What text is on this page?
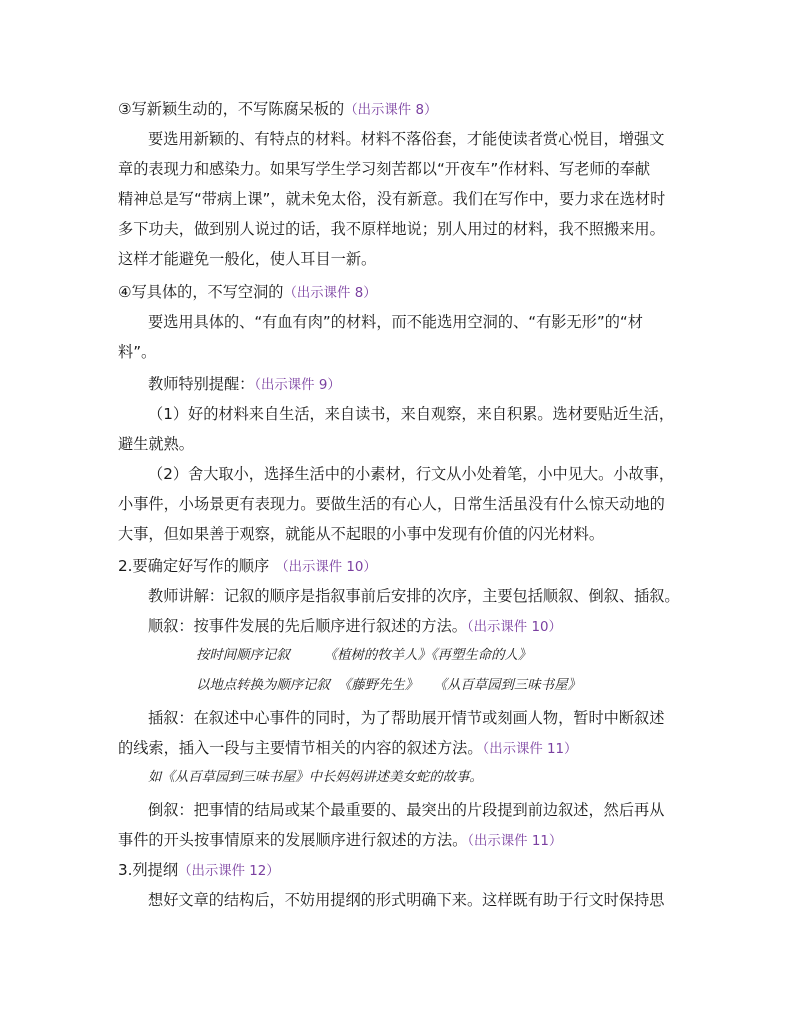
③写新颖生动的，不写陈腐呆板的（出示课件 8）
要选用新颖的、有特点的材料。材料不落俗套，才能使读者赏心悦目，增强文
章的表现力和感染力。如果写学生学习刻苦都以“开夜车”作材料、写老师的奉献
精神总是写“带病上课”，就未免太俗，没有新意。我们在写作中，要力求在选材时
多下功夫，做到别人说过的话，我不原样地说；别人用过的材料，我不照搬来用。
这样才能避免一般化，使人耳目一新。
④写具体的，不写空洞的（出示课件 8）
要选用具体的、“有血有肉”的材料，而不能选用空洞的、“有影无形”的“材
料”。
教师特别提醒：（出示课件 9）
（1）好的材料来自生活，来自读书，来自观察，来自积累。选材要贴近生活，
避生就熟。
（2）舍大取小，选择生活中的小素材，行文从小处着笔，小中见大。小故事，
小事件，小场景更有表现力。要做生活的有心人，日常生活虽没有什么惊天动地的
大事，但如果善于观察，就能从不起眼的小事中发现有价值的闪光材料。
2.要确定好写作的顺序 （出示课件 10）
教师讲解：记叙的顺序是指叙事前后安排的次序，主要包括顺叙、倒叙、插叙。
顺叙：按事件发展的先后顺序进行叙述的方法。（出示课件 10）
按时间顺序记叙	《植树的牧羊人》《再塑生命的人》
以地点转换为顺序记叙 《藤野先生》 《从百草园到三味书屋》
插叙：在叙述中心事件的同时，为了帮助展开情节或刻画人物，暂时中断叙述
的线索，插入一段与主要情节相关的内容的叙述方法。（出示课件 11）
如《从百草园到三味书屋》中长妈妈讲述美女蛇的故事。
倒叙：把事情的结局或某个最重要的、最突出的片段提到前边叙述，然后再从
事件的开头按事情原来的发展顺序进行叙述的方法。（出示课件 11）
3.列提纲（出示课件 12）
想好文章的结构后，不妨用提纲的形式明确下来。这样既有助于行文时保持思
